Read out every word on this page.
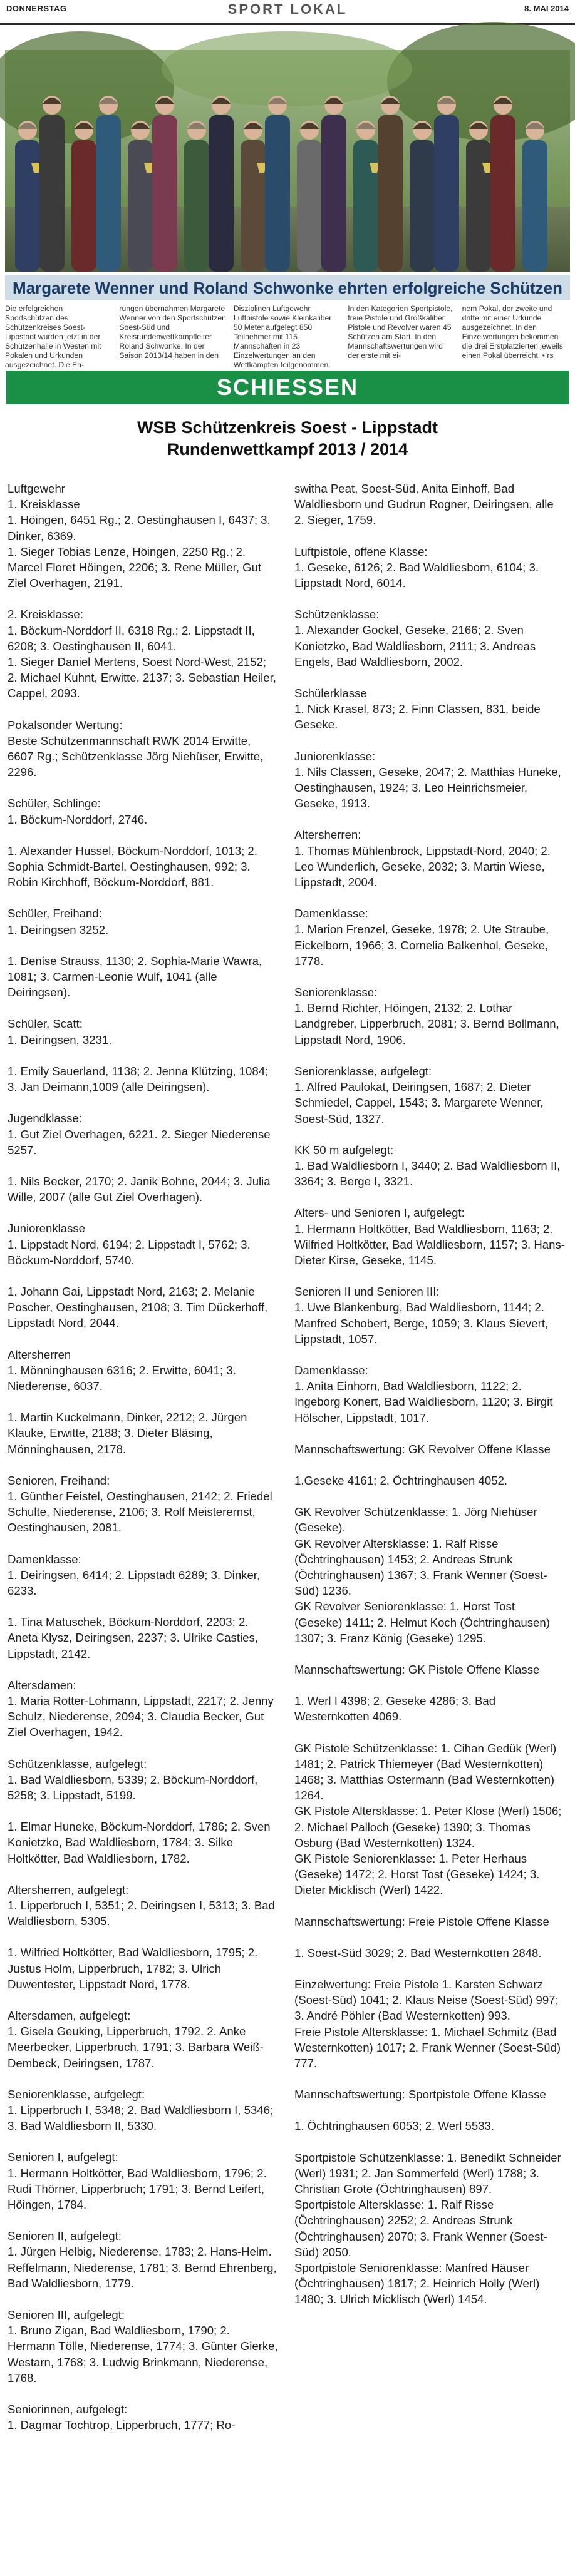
DONNERSTAG	SPORT LOKAL	8. MAI 2014
Margarete Wenner und Roland Schwonke ehrten erfolgreiche Schützen
Die erfolgreichen Sportschützen des Schützenkreises Soest-Lippstadt wurden jetzt in der Schützenhalle in Westen mit Pokalen und Urkunden ausgezeichnet. Die Eh-
rungen übernahmen Margarete Wenner von den Sportschützen Soest-Süd und Kreisrundenwettkampfleiter Roland Schwonke. In der Saison 2013/14 haben in den
Disziplinen Luftgewehr, Luftpistole sowie Kleinkaliber 50 Meter aufgelegt 850 Teilnehmer mit 115 Mannschaften in 23 Einzelwertungen an den Wettkämpfen teilgenommen.
In den Kategorien Sportpistole, freie Pistole und Großkaliber Pistole und Revolver waren 45 Schützen am Start. In den Mannschaftswertungen wird der erste mit ei-
nem Pokal, der zweite und dritte mit einer Urkunde ausgezeichnet. In den Einzelwertungen bekommen die drei Erstplatzierten jeweils einen Pokal überreicht. • rs
SCHIESSEN
WSB Schützenkreis Soest - Lippstadt
Rundenwettkampf 2013 / 2014

Luftgewehr

1. Kreisklasse

1. Höingen, 6451 Rg.; 2. Oestinghausen I, 6437; 3. Dinker, 6369.

1. Sieger Tobias Lenze, Höingen, 2250 Rg.; 2. Marcel Floret Höingen, 2206; 3. Rene Müller, Gut Ziel Overhagen, 2191.

2. Kreisklasse:

1. Böckum-Norddorf II, 6318 Rg.; 2. Lippstadt II, 6208; 3. Oestinghausen II, 6041.

1. Sieger Daniel Mertens, Soest Nord-West, 2152; 2. Michael Kuhnt, Erwitte, 2137; 3. Sebastian Heiler, Cappel, 2093.

Pokalsonder Wertung:

Beste Schützenmannschaft RWK 2014 Erwitte, 6607 Rg.; Schützenklasse Jörg Niehüser, Erwitte, 2296.

Schüler, Schlinge:

1. Böckum-Norddorf, 2746.

1. Alexander Hussel, Böckum-Norddorf, 1013; 2. Sophia Schmidt-Bartel, Oestinghausen, 992; 3. Robin Kirchhoff, Böckum-Norddorf, 881.

Schüler, Freihand:

1. Deiringsen 3252.

1. Denise Strauss, 1130; 2. Sophia-Marie Wawra, 1081; 3. Carmen-Leonie Wulf, 1041 (alle Deiringsen).

Schüler, Scatt:

1. Deiringsen, 3231.

1. Emily Sauerland, 1138; 2. Jenna Klützing, 1084; 3. Jan Deimann,1009 (alle Deiringsen).

Jugendklasse:

1. Gut Ziel Overhagen, 6221. 2. Sieger Niederense 5257.

1. Nils Becker, 2170; 2. Janik Bohne, 2044; 3. Julia Wille, 2007 (alle Gut Ziel Overhagen).

Juniorenklasse

1. Lippstadt Nord, 6194; 2. Lippstadt I, 5762; 3. Böckum-Norddorf, 5740.

1. Johann Gai, Lippstadt Nord, 2163; 2. Melanie Poscher, Oestinghausen, 2108; 3. Tim Dückerhoff, Lippstadt Nord, 2044.

Altersherren

1. Mönninghausen 6316; 2. Erwitte, 6041; 3. Niederense, 6037.

1. Martin Kuckelmann, Dinker, 2212; 2. Jürgen Klauke, Erwitte, 2188; 3. Dieter Bläsing, Mönninghausen, 2178.

Senioren, Freihand:

1. Günther Feistel, Oestinghausen, 2142; 2. Friedel Schulte, Niederense, 2106; 3. Rolf Meisterernst, Oestinghausen, 2081.

Damenklasse:

1. Deiringsen, 6414; 2. Lippstadt 6289; 3. Dinker, 6233.

1. Tina Matuschek, Böckum-Norddorf, 2203; 2. Aneta Klysz, Deiringsen, 2237; 3. Ulrike Casties, Lippstadt, 2142.

Altersdamen:

1. Maria Rotter-Lohmann, Lippstadt, 2217; 2. Jenny Schulz, Niederense, 2094; 3. Claudia Becker, Gut Ziel Overhagen, 1942.

Schützenklasse, aufgelegt:

1. Bad Waldliesborn, 5339; 2. Böckum-Norddorf, 5258; 3. Lippstadt, 5199.

1. Elmar Huneke, Böckum-Norddorf, 1786; 2. Sven Konietzko, Bad Waldliesborn, 1784; 3. Silke Holtkötter, Bad Waldliesborn, 1782.

Altersherren, aufgelegt:

1. Lipperbruch I, 5351; 2. Deiringsen I, 5313; 3. Bad Waldliesborn, 5305.

1. Wilfried Holtkötter, Bad Waldliesborn, 1795; 2. Justus Holm, Lipperbruch, 1782; 3. Ulrich Duwentester, Lippstadt Nord, 1778.

Altersdamen, aufgelegt:

1. Gisela Geuking, Lipperbruch, 1792. 2. Anke Meerbecker, Lipperbruch, 1791; 3. Barbara Weiß-Dembeck, Deiringsen, 1787.

Seniorenklasse, aufgelegt:

1. Lipperbruch I, 5348; 2. Bad Waldliesborn I, 5346; 3. Bad Waldliesborn II, 5330.

Senioren I, aufgelegt:

1. Hermann Holtkötter, Bad Waldliesborn, 1796; 2. Rudi Thörner, Lipperbruch; 1791; 3. Bernd Leifert, Höingen, 1784.

Senioren II, aufgelegt:

1. Jürgen Helbig, Niederense, 1783; 2. Hans-Helm. Reffelmann, Niederense, 1781; 3. Bernd Ehrenberg, Bad Waldliesborn, 1779.

Senioren III, aufgelegt:

1. Bruno Zigan, Bad Waldliesborn, 1790; 2. Hermann Tölle, Niederense, 1774; 3. Günter Gierke, Westarn, 1768; 3. Ludwig Brinkmann, Niederense, 1768.

Seniorinnen, aufgelegt:

1. Dagmar Tochtrop, Lipperbruch, 1777; Ro-

switha Peat, Soest-Süd, Anita Einhoff, Bad Waldliesborn und Gudrun Rogner, Deiringsen, alle 2. Sieger, 1759.

Luftpistole, offene Klasse:

1. Geseke, 6126; 2. Bad Waldliesborn, 6104; 3. Lippstadt Nord, 6014.

Schützenklasse:

1. Alexander Gockel, Geseke, 2166; 2. Sven Konietzko, Bad Waldliesborn, 2111; 3. Andreas Engels, Bad Waldliesborn, 2002.

Schülerklasse

1. Nick Krasel, 873; 2. Finn Classen, 831, beide Geseke.

Juniorenklasse:

1. Nils Classen, Geseke, 2047; 2. Matthias Huneke, Oestinghausen, 1924; 3. Leo Heinrichsmeier, Geseke, 1913.

Altersherren:

1. Thomas Mühlenbrock, Lippstadt-Nord, 2040; 2. Leo Wunderlich, Geseke, 2032; 3. Martin Wiese, Lippstadt, 2004.

Damenklasse:

1. Marion Frenzel, Geseke, 1978; 2. Ute Straube, Eickelborn, 1966; 3. Cornelia Balkenhol, Geseke, 1778.

Seniorenklasse:

1. Bernd Richter, Höingen, 2132; 2. Lothar Landgreber, Lipperbruch, 2081; 3. Bernd Bollmann, Lippstadt Nord, 1906.

Seniorenklasse, aufgelegt:

1. Alfred Paulokat, Deiringsen, 1687; 2. Dieter Schmiedel, Cappel, 1543; 3. Margarete Wenner, Soest-Süd, 1327.

KK 50 m aufgelegt:

1. Bad Waldliesborn I, 3440; 2. Bad Waldliesborn II, 3364; 3. Berge I, 3321.

Alters- und Senioren I, aufgelegt:

1. Hermann Holtkötter, Bad Waldliesborn, 1163; 2. Wilfried Holtkötter, Bad Waldliesborn, 1157; 3. Hans-Dieter Kirse, Geseke, 1145.

Senioren II und Senioren III:

1. Uwe Blankenburg, Bad Waldliesborn, 1144; 2. Manfred Schobert, Berge, 1059; 3. Klaus Sievert, Lippstadt, 1057.

Damenklasse:

1. Anita Einhorn, Bad Waldliesborn, 1122; 2. Ingeborg Konert, Bad Waldliesborn, 1120; 3. Birgit Hölscher, Lippstadt, 1017.

Mannschaftswertung: GK Revolver Offene Klasse

1.Geseke 4161; 2. Öchtringhausen 4052.

GK Revolver Schützenklasse: 1. Jörg Niehüser (Geseke).

GK Revolver Altersklasse: 1. Ralf Risse (Öchtringhausen) 1453; 2. Andreas Strunk (Öchtringhausen) 1367; 3. Frank Wenner (Soest-Süd) 1236.

GK Revolver Seniorenklasse: 1. Horst Tost (Geseke) 1411; 2. Helmut Koch (Öchtringhausen) 1307; 3. Franz König (Geseke) 1295.

Mannschaftswertung: GK Pistole Offene Klasse

1. Werl I 4398; 2. Geseke 4286; 3. Bad Westernkotten 4069.

GK Pistole Schützenklasse: 1. Cihan Gedük (Werl) 1481; 2. Patrick Thiemeyer (Bad Westernkotten) 1468; 3. Matthias Ostermann (Bad Westernkotten) 1264.

GK Pistole Altersklasse: 1. Peter Klose (Werl) 1506; 2. Michael Palloch (Geseke) 1390; 3. Thomas Osburg (Bad Westernkotten) 1324.

GK Pistole Seniorenklasse: 1. Peter Herhaus (Geseke) 1472; 2. Horst Tost (Geseke) 1424; 3. Dieter Micklisch (Werl) 1422.

Mannschaftswertung: Freie Pistole Offene Klasse

1. Soest-Süd 3029; 2. Bad Westernkotten 2848.

Einzelwertung: Freie Pistole 1. Karsten Schwarz (Soest-Süd) 1041; 2. Klaus Neise (Soest-Süd) 997; 3. André Pöhler (Bad Westernkotten) 993.

Freie Pistole Altersklasse: 1. Michael Schmitz (Bad Westernkotten) 1017; 2. Frank Wenner (Soest-Süd) 777.

Mannschaftswertung: Sportpistole Offene Klasse

1. Öchtringhausen 6053; 2. Werl 5533.

Sportpistole Schützenklasse: 1. Benedikt Schneider (Werl) 1931; 2. Jan Sommerfeld (Werl) 1788; 3. Christian Grote (Öchtringhausen) 897.

Sportpistole Altersklasse: 1. Ralf Risse (Öchtringhausen) 2252; 2. Andreas Strunk (Öchtringhausen) 2070; 3. Frank Wenner (Soest-Süd) 2050.

Sportpistole Seniorenklasse: Manfred Häuser (Öchtringhausen) 1817; 2. Heinrich Holly (Werl) 1480; 3. Ulrich Micklisch (Werl) 1454.
